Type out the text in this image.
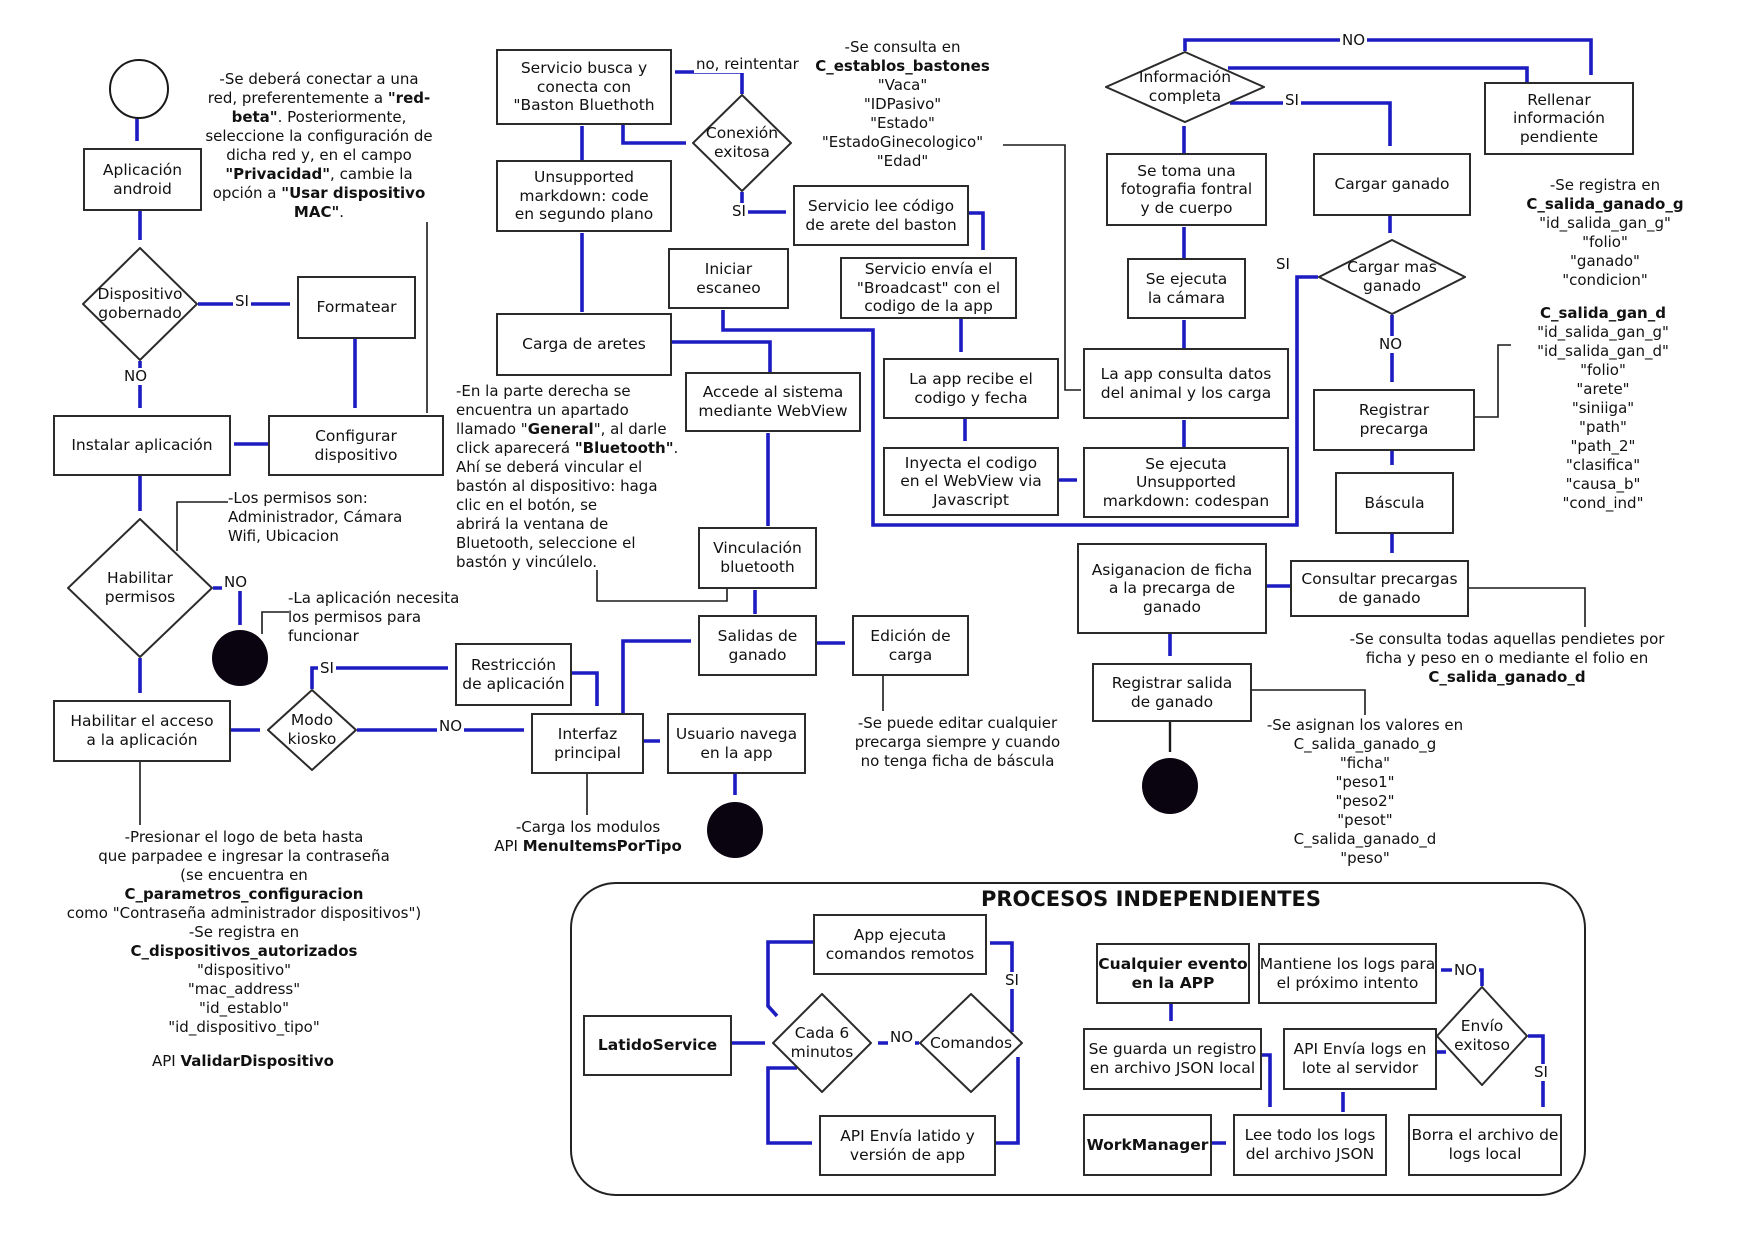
Aplicación
android
Dispositivo
gobernado	Formatear
Instalar aplicación
Configurar
dispositivo
Habilitar
permisos
Habilitar el acceso
a la aplicación
Modo
kiosko
Restricción
de aplicación
Interfaz
principal
Usuario navega
en la app
Servicio busca y
conecta con
"Baston Bluethoth
Conexión
exitosa
Unsupported
markdown: code
en segundo plano
Iniciar
escaneo
Carga de aretes
Accede al sistema
mediante WebView
Vinculación
bluetooth
Salidas de
ganado
Edición de
carga
Servicio lee código
de arete del baston
Servicio envía el
"Broadcast" con el
codigo de la app
La app recibe el
codigo y fecha
Inyecta el codigo
en el WebView via
Javascript
Se ejecuta
Unsupported
markdown: codespan
La app consulta datos
del animal y los carga
Se toma una
fotografia fontral
y de cuerpo
Se ejecuta
la cámara
Información
completa
Cargar ganado
Cargar mas
ganado
Rellenar
información
pendiente
Registrar
precarga
Báscula
Consultar precargas
de ganado
Asiganacion de ficha
a la precarga de
ganado
Registrar salida
de ganado
App ejecuta
comandos remotos
LatidoService
Cada 6
minutos
Comandos
API Envía latido y
versión de app
Cualquier evento
en la APP
Mantiene los logs para
el próximo intento
Envío
exitoso
Se guarda un registro
en archivo JSON local
API Envía logs en
lote al servidor
WorkManager
Lee todo los logs
del archivo JSON
Borra el archivo de
logs local
SI
NO
NO
SI
NO
no, reintentar
SI
NO
SI
SI
NO
SI
NO
NO
SI
-Se deberá conectar a una
red, preferentemente a "red-
beta". Posteriormente,
seleccione la configuración de
dicha red y, en el campo
"Privacidad", cambie la
opción a "Usar dispositivo
MAC".
-Los permisos son:
Administrador, Cámara
Wifi, Ubicacion
-La aplicación necesita
los permisos para
funcionar
-Presionar el logo de beta hasta
que parpadee e ingresar la contraseña
(se encuentra en
C_parametros_configuracion
como "Contraseña administrador dispositivos")
-Se registra en
C_dispositivos_autorizados
"dispositivo"
"mac_address"
"id_establo"
"id_dispositivo_tipo"
API ValidarDispositivo
-Se consulta en
C_establos_bastones
"Vaca"
"IDPasivo"
"Estado"
"EstadoGinecologico"
"Edad"
-En la parte derecha se
encuentra un apartado
llamado "General", al darle
click aparecerá "Bluetooth".
Ahí se deberá vincular el
bastón al dispositivo: haga
clic en el botón, se
abrirá la ventana de
Bluetooth, seleccione el
bastón y vincúlelo.
-Carga los modulos
API MenuItemsPorTipo
-Se puede editar cualquier
precarga siempre y cuando
no tenga ficha de báscula
-Se registra en
C_salida_ganado_g
"id_salida_gan_g"
"folio"
"ganado"
"condicion"
C_salida_gan_d
"id_salida_gan_g"
"id_salida_gan_d"
"folio"
"arete"
"siniiga"
"path"
"path_2"
"clasifica"
"causa_b"
"cond_ind"
-Se consulta todas aquellas pendietes por
ficha y peso en o mediante el folio en
C_salida_ganado_d
-Se asignan los valores en
C_salida_ganado_g
"ficha"
"peso1"
"peso2"
"pesot"
C_salida_ganado_d
"peso"
PROCESOS INDEPENDIENTES
